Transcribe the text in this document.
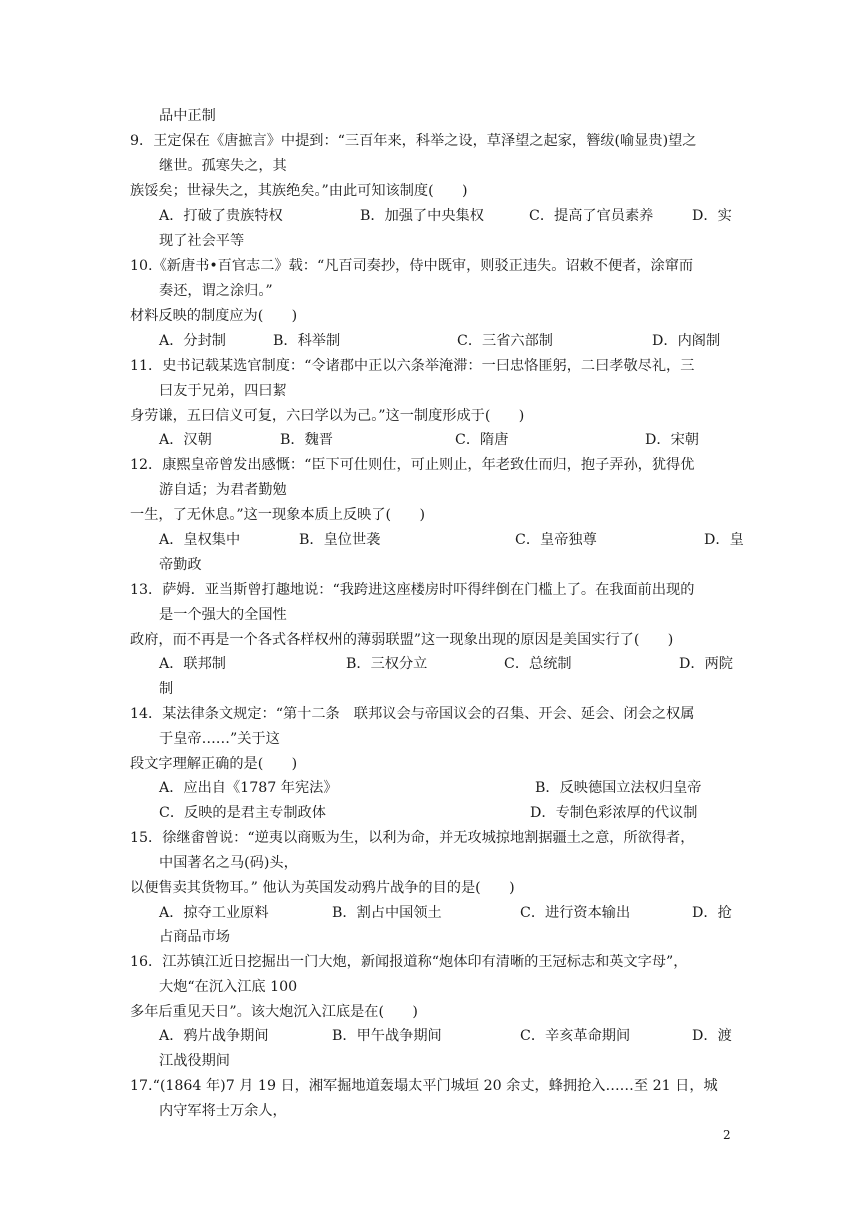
品中正制
9．王定保在《唐摭言》中提到：“三百年来，科举之设，草泽望之起家，簪绂(喻显贵)望之
继世。孤寒失之，其
族馁矣；世禄失之，其族绝矣。”由此可知该制度(　　)
A．打破了贵族特权	B．加强了中央集权	C．提高了官员素养	D．实
现了社会平等
10.《新唐书•百官志二》载：“凡百司奏抄，侍中既审，则驳正违失。诏敕不便者，涂窜而
奏还，谓之涂归。”
材料反映的制度应为(　　)
A．分封制	B．科举制	C．三省六部制	D．内阁制
11．史书记载某选官制度：“令诸郡中正以六条举淹滞：一曰忠恪匪躬，二曰孝敬尽礼，三
曰友于兄弟，四曰絜
身劳谦，五曰信义可复，六曰学以为己。”这一制度形成于(　　)
A．汉朝	B．魏晋	C．隋唐	D．宋朝
12．康熙皇帝曾发出感慨：“臣下可仕则仕，可止则止，年老致仕而归，抱子弄孙，犹得优
游自适；为君者勤勉
一生，了无休息。”这一现象本质上反映了(　　)
A．皇权集中	B．皇位世袭	C．皇帝独尊	D．皇
帝勤政
13．萨姆．亚当斯曾打趣地说：“我跨进这座楼房时吓得绊倒在门槛上了。在我面前出现的
是一个强大的全国性
政府，而不再是一个各式各样权州的薄弱联盟”这一现象出现的原因是美国实行了(　　)
A．联邦制	B．三权分立	C．总统制	D．两院
制
14．某法律条文规定：“第十二条　联邦议会与帝国议会的召集、开会、延会、闭会之权属
于皇帝……”关于这
段文字理解正确的是(　　)
A．应出自《1787 年宪法》	B．反映德国立法权归皇帝
C．反映的是君主专制政体	D．专制色彩浓厚的代议制
15．徐继畬曾说：“逆夷以商贩为生，以利为命，并无攻城掠地割据疆土之意，所欲得者，
中国著名之马(码)头，
以便售卖其货物耳。” 他认为英国发动鸦片战争的目的是(　　)
A．掠夺工业原料	B．割占中国领土	C．进行资本输出	D．抢
占商品市场
16．江苏镇江近日挖掘出一门大炮，新闻报道称“炮体印有清晰的王冠标志和英文字母”，
大炮“在沉入江底 100
多年后重见天日”。该大炮沉入江底是在(　　)
A．鸦片战争期间	B．甲午战争期间	C．辛亥革命期间	D．渡
江战役期间
17.“(1864 年)7 月 19 日，湘军掘地道轰塌太平门城垣 20 余丈，蜂拥抢入……至 21 日，城
内守军将士万余人，
2
